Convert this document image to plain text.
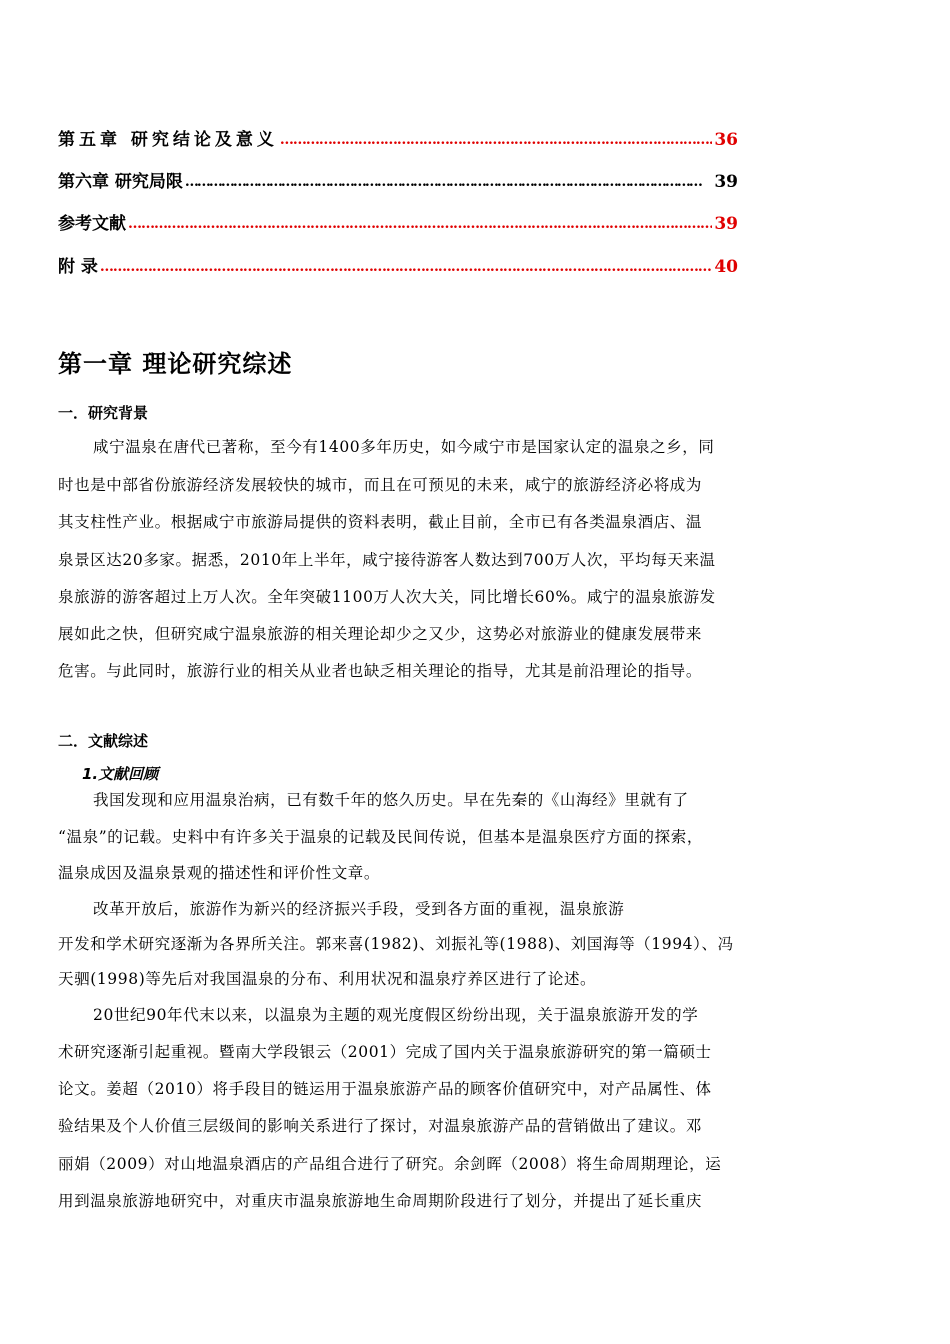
第五章 研究结论及意义 …………………………………………………………………………………………………………………………………………………………………………………………………………	36
第六章 研究局限 …………………………………………………………………………………………………………………………………………………………………………………………………………	39
参考文献 …………………………………………………………………………………………………………………………………………………………………………………………………………	39
附 录 …………………………………………………………………………………………………………………………………………………………………………………………………………	40
第一章 理论研究综述
一．研究背景
咸宁温泉在唐代已著称，至今有1400多年历史，如今咸宁市是国家认定的温泉之乡，同
时也是中部省份旅游经济发展较快的城市，而且在可预见的未来，咸宁的旅游经济必将成为
其支柱性产业。根据咸宁市旅游局提供的资料表明，截止目前，全市已有各类温泉酒店、温
泉景区达20多家。据悉，2010年上半年，咸宁接待游客人数达到700万人次，平均每天来温
泉旅游的游客超过上万人次。全年突破1100万人次大关，同比增长60%。咸宁的温泉旅游发
展如此之快，但研究咸宁温泉旅游的相关理论却少之又少，这势必对旅游业的健康发展带来
危害。与此同时，旅游行业的相关从业者也缺乏相关理论的指导，尤其是前沿理论的指导。
二．文献综述
1.文献回顾
我国发现和应用温泉治病，已有数千年的悠久历史。早在先秦的《山海经》里就有了
“温泉”的记载。史料中有许多关于温泉的记载及民间传说，但基本是温泉医疗方面的探索，
温泉成因及温泉景观的描述性和评价性文章。
改革开放后，旅游作为新兴的经济振兴手段，受到各方面的重视，温泉旅游
开发和学术研究逐渐为各界所关注。郭来喜(1982)、刘振礼等(1988)、刘国海等（1994）、冯
天驷(1998)等先后对我国温泉的分布、利用状况和温泉疗养区进行了论述。
20世纪90年代末以来，以温泉为主题的观光度假区纷纷出现，关于温泉旅游开发的学
术研究逐渐引起重视。暨南大学段银云（2001）完成了国内关于温泉旅游研究的第一篇硕士
论文。姜超（2010）将手段目的链运用于温泉旅游产品的顾客价值研究中，对产品属性、体
验结果及个人价值三层级间的影响关系进行了探讨，对温泉旅游产品的营销做出了建议。邓
丽娟（2009）对山地温泉酒店的产品组合进行了研究。余剑晖（2008）将生命周期理论，运
用到温泉旅游地研究中，对重庆市温泉旅游地生命周期阶段进行了划分，并提出了延长重庆
